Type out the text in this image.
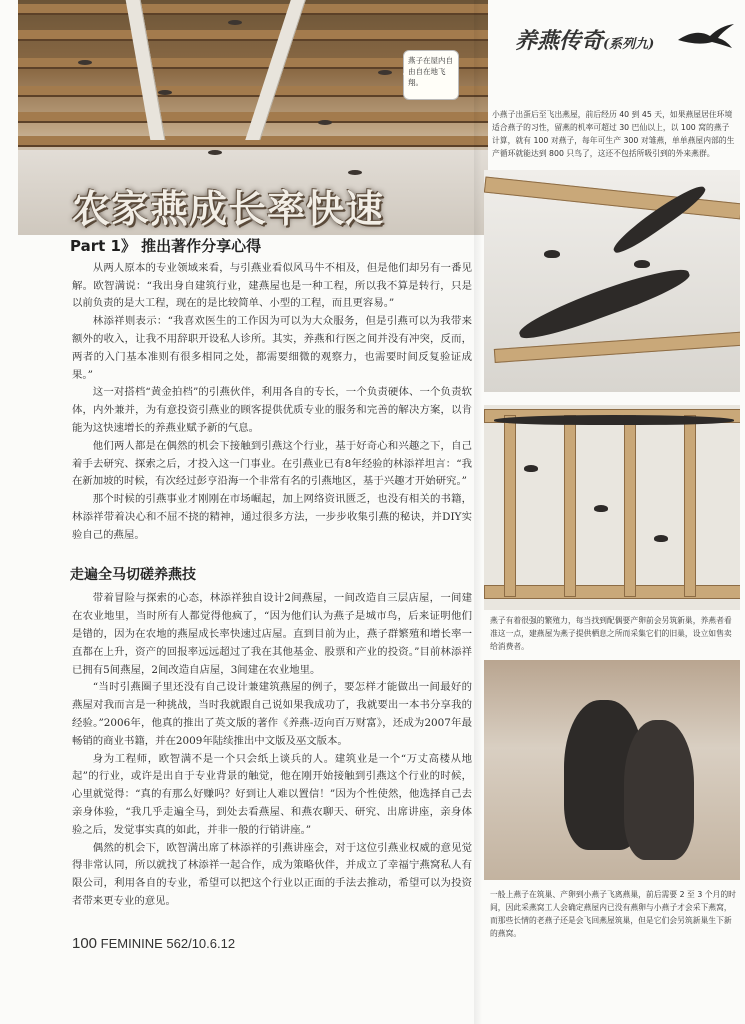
农家燕成长率快速
燕子在屋内自由自在地飞翔。
Part 1》 推出著作分享心得

从两人原本的专业领域来看，与引燕业看似风马牛不相及，但是他们却另有一番见解。欧智满说：“我出身自建筑行业，建燕屋也是一种工程，所以我不算是转行，只是以前负责的是大工程，现在的是比较简单、小型的工程，而且更容易。”

林添祥则表示：“我喜欢医生的工作因为可以为大众服务，但是引燕可以为我带来额外的收入，让我不用辞职开设私人诊所。其实，养燕和行医之间并没有冲突，反而，两者的入门基本准则有很多相同之处，都需要细微的观察力，也需要时间反复验证成果。”

这一对搭档“黄金拍档”的引燕伙伴，利用各自的专长，一个负责硬体、一个负责软体，内外兼并，为有意投资引燕业的顾客提供优质专业的服务和完善的解决方案，以肯能为这快速增长的养燕业赋予新的气息。

他们两人都是在偶然的机会下接触到引燕这个行业，基于好奇心和兴趣之下，自己着手去研究、探索之后，才投入这一门事业。在引燕业已有8年经验的林添祥坦言：“我在新加坡的时候，有次经过彭亨沿海一个非常有名的引燕地区，基于兴趣才开始研究。”

那个时候的引燕事业才刚刚在市场崛起，加上网络资讯匮乏，也没有相关的书籍，林添祥带着决心和不屈不挠的精神，通过很多方法，一步步收集引燕的秘诀，并DIY实验自己的燕屋。

走遍全马切磋养燕技

带着冒险与探索的心态，林添祥独自设计2间燕屋，一间改造自三层店屋，一间建在农业地里，当时所有人都觉得他疯了，“因为他们认为燕子是城市鸟，后来证明他们是错的，因为在农地的燕屋成长率快速过店屋。直到目前为止，燕子群繁殖和增长率一直都在上升，资产的回报率远远超过了我在其他基金、股票和产业的投资。”目前林添祥已拥有5间燕屋，2间改造自店屋，3间建在农业地里。

“当时引燕圈子里还没有自己设计兼建筑燕屋的例子，要怎样才能做出一间最好的燕屋对我而言是一种挑战，当时我就跟自己说如果我成功了，我就要出一本书分享我的经验。”2006年，他真的推出了英文版的著作《养燕-迈向百万财富》，还成为2007年最畅销的商业书籍，并在2009年陆续推出中文版及巫文版本。

身为工程师，欧智满不是一个只会纸上谈兵的人。建筑业是一个“万丈高楼从地起”的行业，或许是出自于专业背景的触觉，他在刚开始接触到引燕这个行业的时候，心里就觉得：“真的有那么好赚吗？好到让人难以置信！”因为个性使然，他选择自己去亲身体验，“我几乎走遍全马，到处去看燕屋、和燕农聊天、研究、出席讲座，亲身体验之后，发觉事实真的如此，并非一般的行销讲座。”

偶然的机会下，欧智满出席了林添祥的引燕讲座会，对于这位引燕业权威的意见觉得非常认同，所以就找了林添祥一起合作，成为策略伙伴，并成立了幸福宁燕窝私人有限公司，利用各自的专业，希望可以把这个行业以正面的手法去推动，希望可以为投资者带来更专业的意见。

100 FEMININE 562/10.6.12
养燕传奇(系列九)
小燕子出蛋后至飞出燕屋，前后经历 40 到 45 天，如果燕屋居住环境适合燕子的习性，留燕的机率可超过 30 巴仙以上，以 100 窝的燕子计算，就有 100 对燕子，每年可生产 300 对雏燕，单单燕屋内部的生产循环就能达到 800 只鸟了，这还不包括所吸引到的外来燕群。
燕子有着很强的繁殖力，每当找到配偶要产卵前会另筑新巢，养燕者看准这一点，建燕屋为燕子提供栖息之所而采集它们的旧巢，设立如售卖给消费者。
一般上燕子在筑巢、产卵到小燕子飞离燕巢，前后需要 2 至 3 个月的时间，因此采燕窝工人会确定燕屋内已没有燕卵与小燕子才会采下燕窝，而那些长情的老燕子还是会飞回燕屋筑巢，但是它们会另筑新巢生下新的燕窝。
